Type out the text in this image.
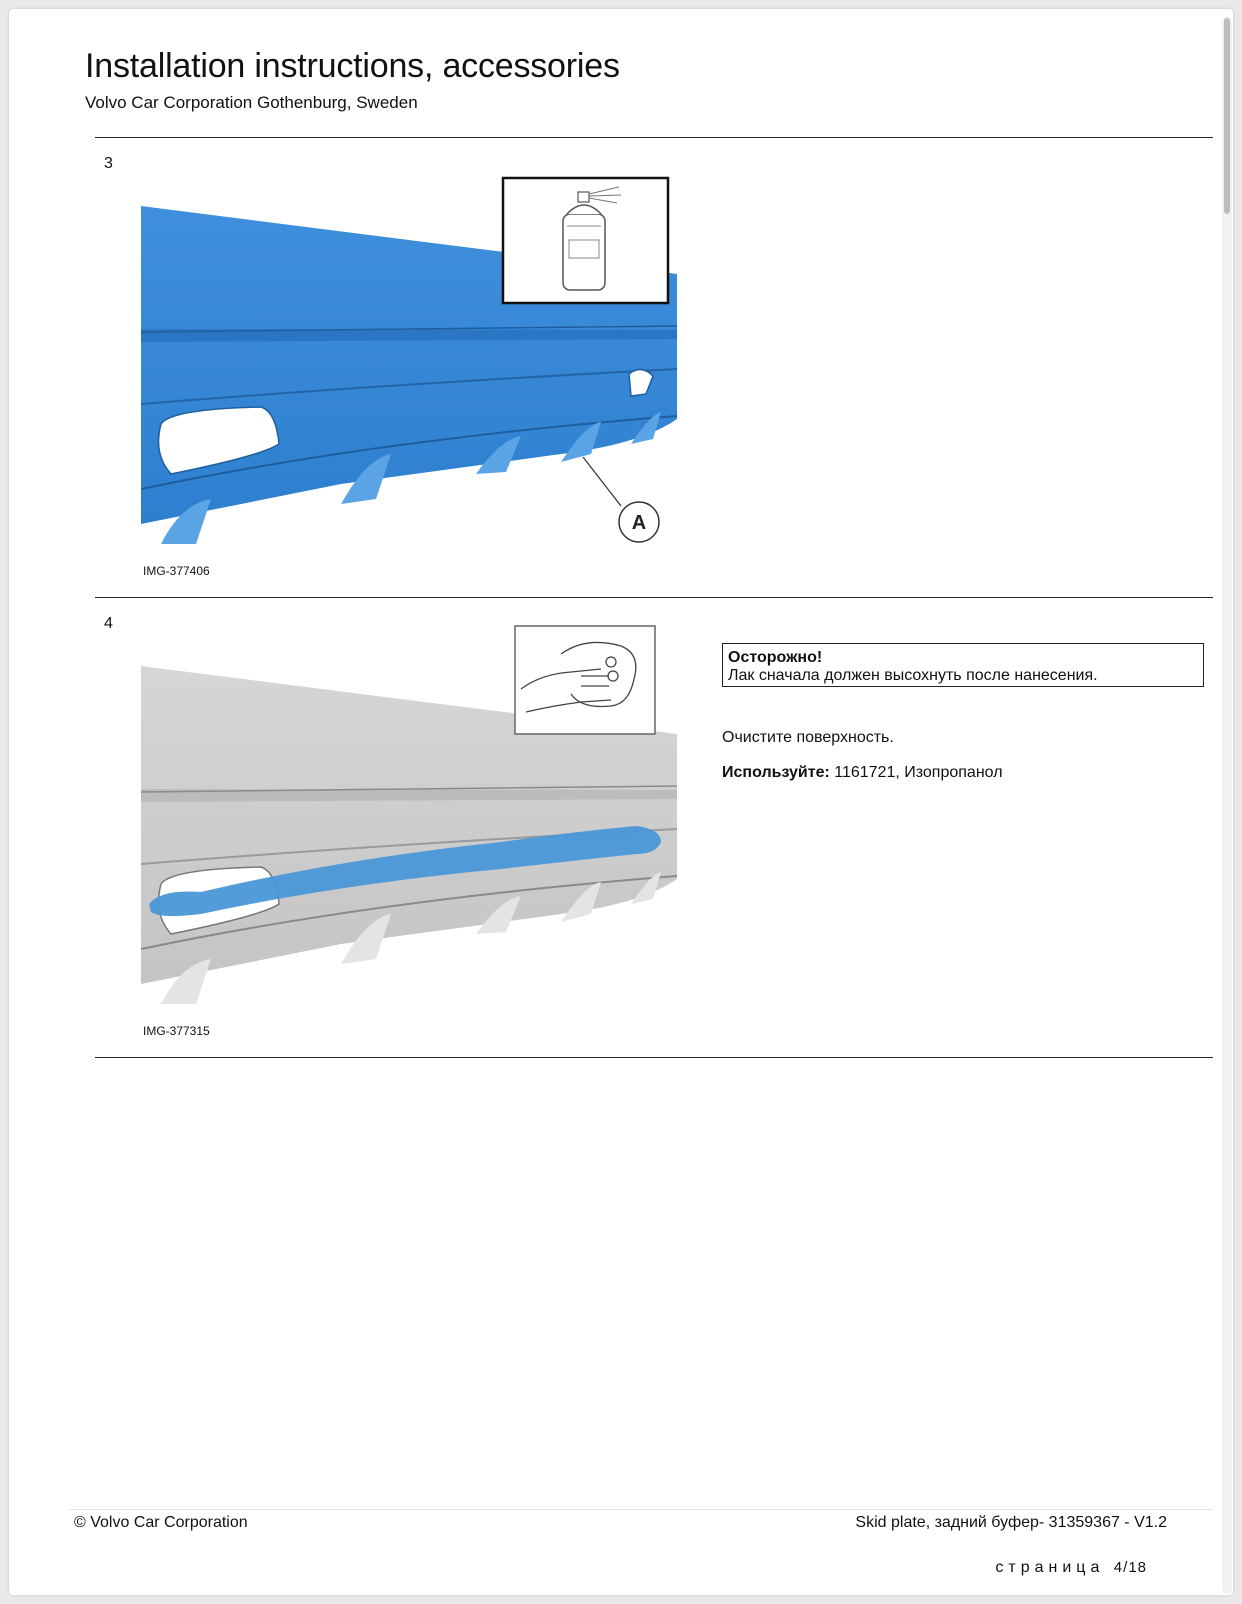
Installation instructions, accessories
Volvo Car Corporation Gothenburg, Sweden
3
A
IMG-377406
4
IMG-377315
Осторожно!
Лак сначала должен высохнуть после нанесения.
Очистите поверхность.
Используйте: 1161721, Изопропанол
© Volvo Car Corporation	Skid plate, задний буфер- 31359367 - V1.2
страница 4/18
